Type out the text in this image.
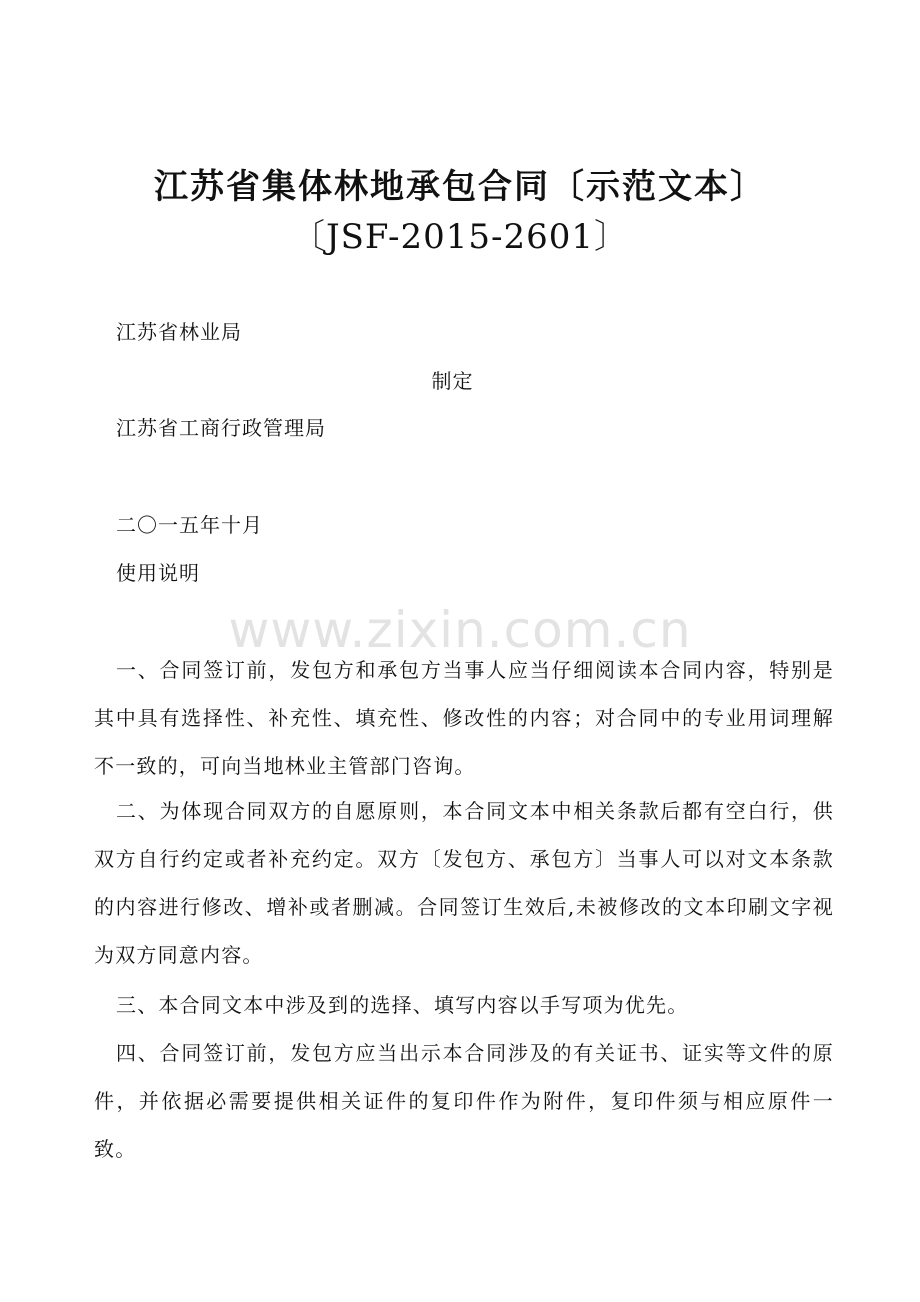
江苏省集体林地承包合同〔示范文本〕
〔JSF-2015-2601〕
江苏省林业局
制定
江苏省工商行政管理局
二〇一五年十月
使用说明
www.zixin.com.cn

一、合同签订前，发包方和承包方当事人应当仔细阅读本合同内容，特别是其中具有选择性、补充性、填充性、修改性的内容；对合同中的专业用词理解不一致的，可向当地林业主管部门咨询。

二、为体现合同双方的自愿原则，本合同文本中相关条款后都有空白行，供双方自行约定或者补充约定。双方〔发包方、承包方〕当事人可以对文本条款的内容进行修改、增补或者删减。合同签订生效后,未被修改的文本印刷文字视为双方同意内容。

三、本合同文本中涉及到的选择、填写内容以手写项为优先。

四、合同签订前，发包方应当出示本合同涉及的有关证书、证实等文件的原件，并依据必需要提供相关证件的复印件作为附件，复印件须与相应原件一致。
